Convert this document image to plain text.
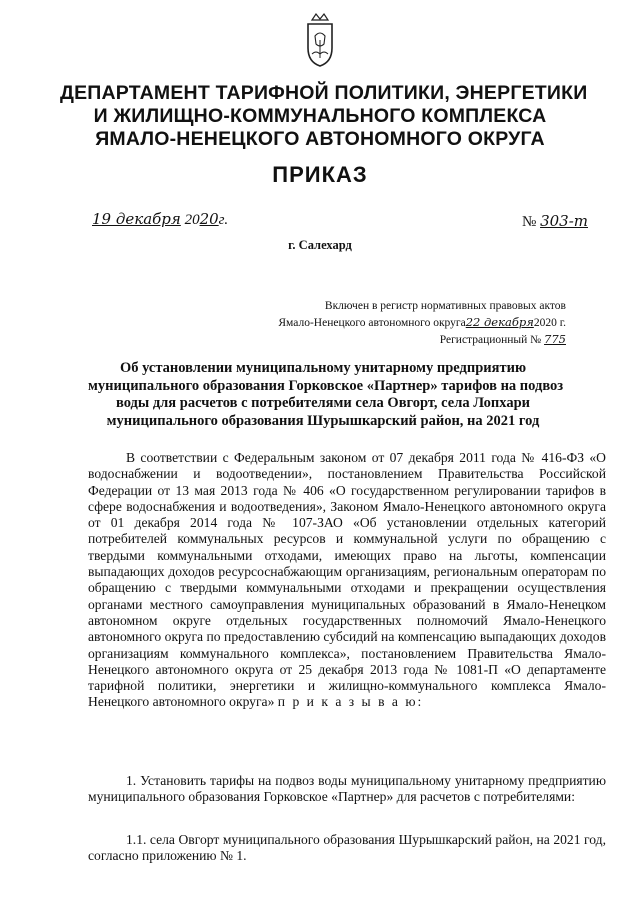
ДЕПАРТАМЕНТ ТАРИФНОЙ ПОЛИТИКИ, ЭНЕРГЕТИКИ
И ЖИЛИЩНО-КОММУНАЛЬНОГО КОМПЛЕКСА
ЯМАЛО-НЕНЕЦКОГО АВТОНОМНОГО ОКРУГА
ПРИКАЗ
19 декабря 2020г.	№ 303-т
г. Салехард
Включен в регистр нормативных правовых актов
Ямало-Ненецкого автономного округа22 декабря2020 г.
Регистрационный № 775
Об установлении муниципальному унитарному предприятию
муниципального образования Горковское «Партнер» тарифов на подвоз
воды для расчетов с потребителями села Овгорт, села Лопхари
муниципального образования Шурышкарский район, на 2021 год

В соответствии с Федеральным законом от 07 декабря 2011 года № 416-ФЗ «О водоснабжении и водоотведении», постановлением Правительства Российской Федерации от 13 мая 2013 года № 406 «О государственном регулировании тарифов в сфере водоснабжения и водоотведения», Законом Ямало-Ненецкого автономного округа от 01 декабря 2014 года № 107-ЗАО «Об установлении отдельных категорий потребителей коммунальных ресурсов и коммунальной услуги по обращению с твердыми коммунальными отходами, имеющих право на льготы, компенсации выпадающих доходов ресурсоснабжающим организациям, региональным операторам по обращению с твердыми коммунальными отходами и прекращении осуществления органами местного самоуправления муниципальных образований в Ямало-Ненецком автономном округе отдельных государственных полномочий Ямало-Ненецкого автономного округа по предоставлению субсидий на компенсацию выпадающих доходов организациям коммунального комплекса», постановлением Правительства Ямало-Ненецкого автономного округа от 25 декабря 2013 года № 1081-П «О департаменте тарифной политики, энергетики и жилищно-коммунального комплекса Ямало-Ненецкого автономного округа» п р и к а з ы в а ю:

1. Установить тарифы на подвоз воды муниципальному унитарному предприятию муниципального образования Горковское «Партнер» для расчетов с потребителями:

1.1. села Овгорт муниципального образования Шурышкарский район, на 2021 год, согласно приложению № 1.
